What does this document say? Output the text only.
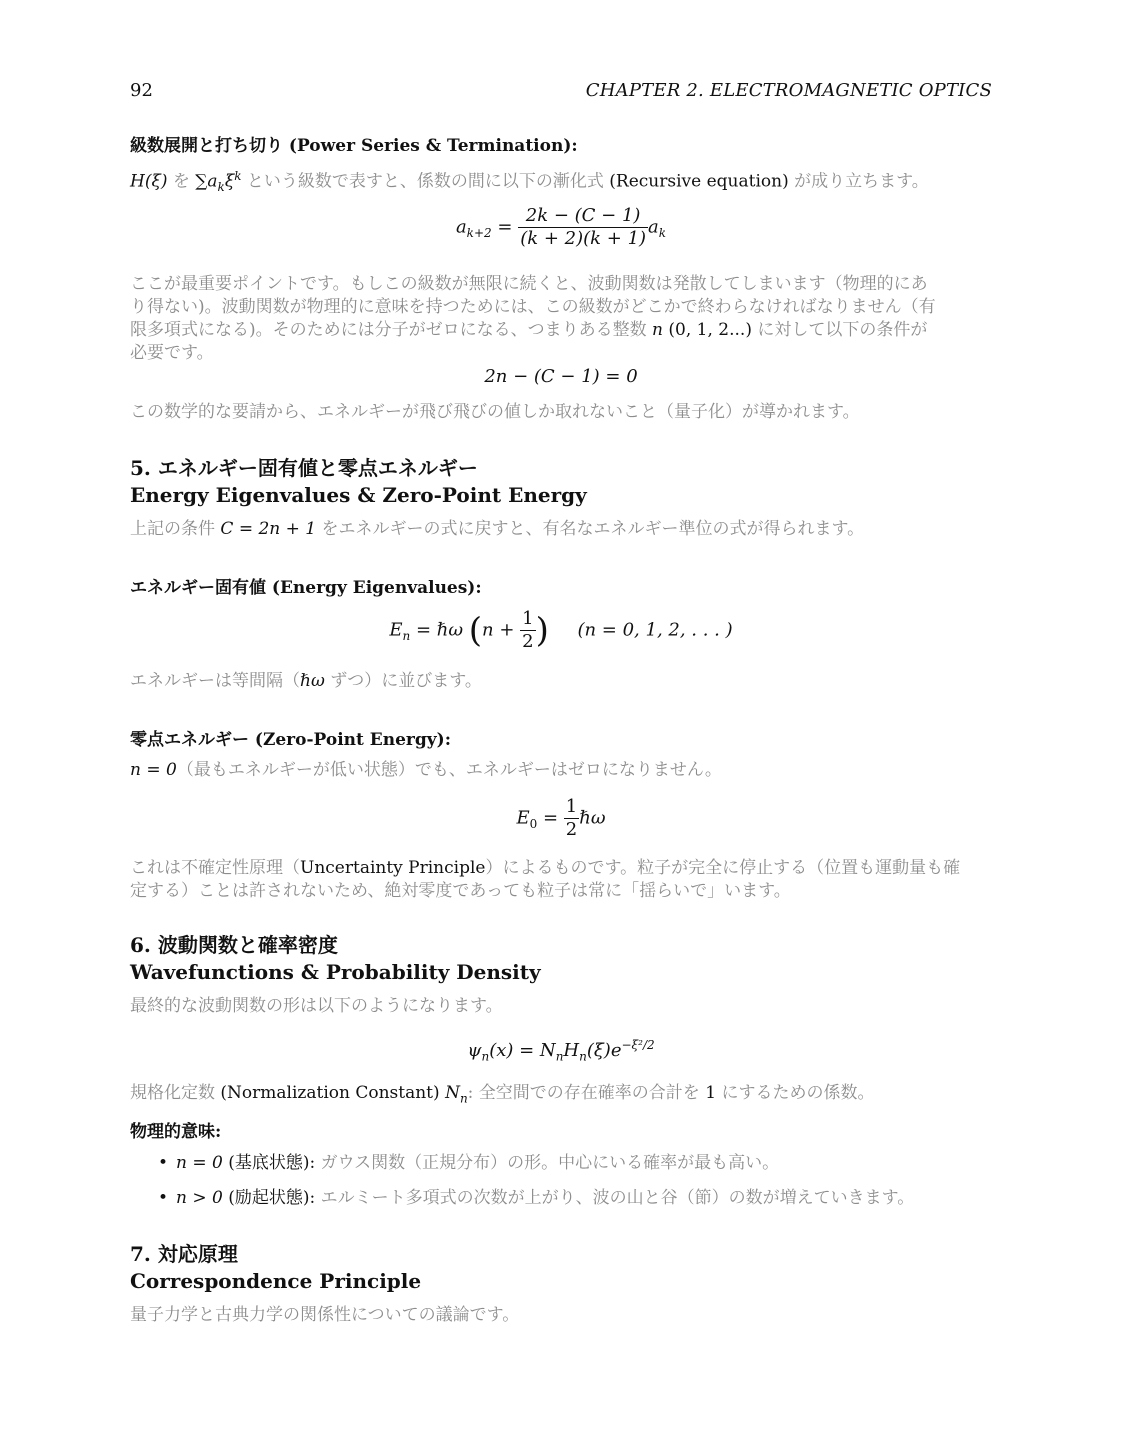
92	CHAPTER 2. ELECTROMAGNETIC OPTICS
級数展開と打ち切り (Power Series & Termination):
H(ξ) を $\sum a_k\xi^k$ という級数で表すと、係数の間に以下の漸化式 (Recursive equation) が成り立ちます。
$a_{k+2} = \frac{2k - (C - 1)}{(k + 2)(k + 1)} a_k$
ここが最重要ポイントです。もしこの級数が無限に続くと、波動関数は発散してしまいます（物理的にあ
り得ない)。波動関数が物理的に意味を持つためには、この級数がどこかで終わらなければなりません（有
限多項式になる)。そのためには分子がゼロになる、つまりある整数 n (0, 1, 2...) に対して以下の条件が
必要です。
2n − (C − 1) = 0
この数学的な要請から、エネルギーが飛び飛びの値しか取れないこと（量子化）が導かれます。
5. エネルギー固有値と零点エネルギー
Energy Eigenvalues & Zero-Point Energy
上記の条件 C = 2n + 1 をエネルギーの式に戻すと、有名なエネルギー準位の式が得られます。
エネルギー固有値 (Energy Eigenvalues):
$E_n$ = ℏω ($n + \frac{1}{2}$ ) (n = 0, 1, 2, . . . )
エネルギーは等間隔（ℏω ずつ）に並びます。
零点エネルギー (Zero-Point Energy):
n = 0（最もエネルギーが低い状態）でも、エネルギーはゼロになりません。
$E_0 = \frac{1}{2}$ ℏω
これは不確定性原理（Uncertainty Principle）によるものです。粒子が完全に停止する（位置も運動量も確
定する）ことは許されないため、絶対零度であっても粒子は常に「揺らいで」います。
6. 波動関数と確率密度
Wavefunctions & Probability Density
最終的な波動関数の形は以下のようになります。
$\psi_n(x) = N_nH_n(\xi)e^{-\xi^2/2}$
規格化定数 (Normalization Constant) $N_n$: 全空間での存在確率の合計を 1 にするための係数。
物理的意味:
• n = 0 (基底状態): ガウス関数（正規分布）の形。中心にいる確率が最も高い。
• n > 0 (励起状態): エルミート多項式の次数が上がり、波の山と谷（節）の数が増えていきます。
7. 対応原理
Correspondence Principle
量子力学と古典力学の関係性についての議論です。
